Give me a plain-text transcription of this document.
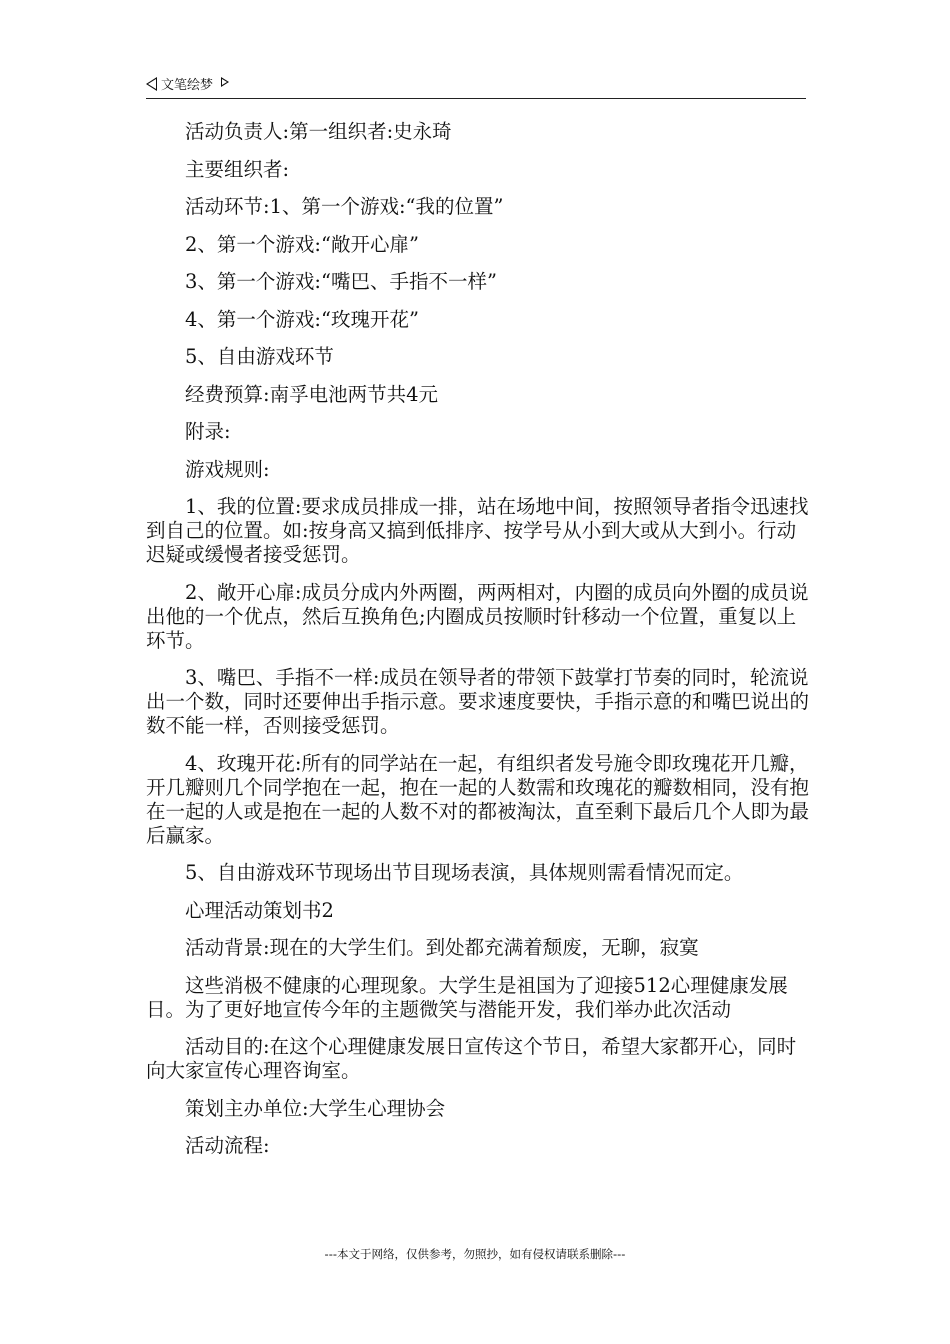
文笔绘梦

活动负责人:第一组织者:史永琦

主要组织者:

活动环节:1、第一个游戏:“我的位置”

2、第一个游戏:“敞开心扉”

3、第一个游戏:“嘴巴、手指不一样”

4、第一个游戏:“玫瑰开花”

5、自由游戏环节

经费预算:南孚电池两节共4元

附录:

游戏规则:

1、我的位置:要求成员排成一排，站在场地中间，按照领导者指令迅速找到自己的位置。如:按身高又搞到低排序、按学号从小到大或从大到小。行动迟疑或缓慢者接受惩罚。

2、敞开心扉:成员分成内外两圈，两两相对，内圈的成员向外圈的成员说出他的一个优点，然后互换角色;内圈成员按顺时针移动一个位置，重复以上环节。

3、嘴巴、手指不一样:成员在领导者的带领下鼓掌打节奏的同时，轮流说出一个数，同时还要伸出手指示意。要求速度要快，手指示意的和嘴巴说出的数不能一样，否则接受惩罚。

4、玫瑰开花:所有的同学站在一起，有组织者发号施令即玫瑰花开几瓣，开几瓣则几个同学抱在一起，抱在一起的人数需和玫瑰花的瓣数相同，没有抱在一起的人或是抱在一起的人数不对的都被淘汰，直至剩下最后几个人即为最后赢家。

5、自由游戏环节现场出节目现场表演，具体规则需看情况而定。

心理活动策划书2

活动背景:现在的大学生们。到处都充满着颓废，无聊，寂寞

这些消极不健康的心理现象。大学生是祖国为了迎接512心理健康发展日。为了更好地宣传今年的主题微笑与潜能开发，我们举办此次活动

活动目的:在这个心理健康发展日宣传这个节日，希望大家都开心，同时向大家宣传心理咨询室。

策划主办单位:大学生心理协会

活动流程:

---本文于网络，仅供参考，勿照抄，如有侵权请联系删除---
